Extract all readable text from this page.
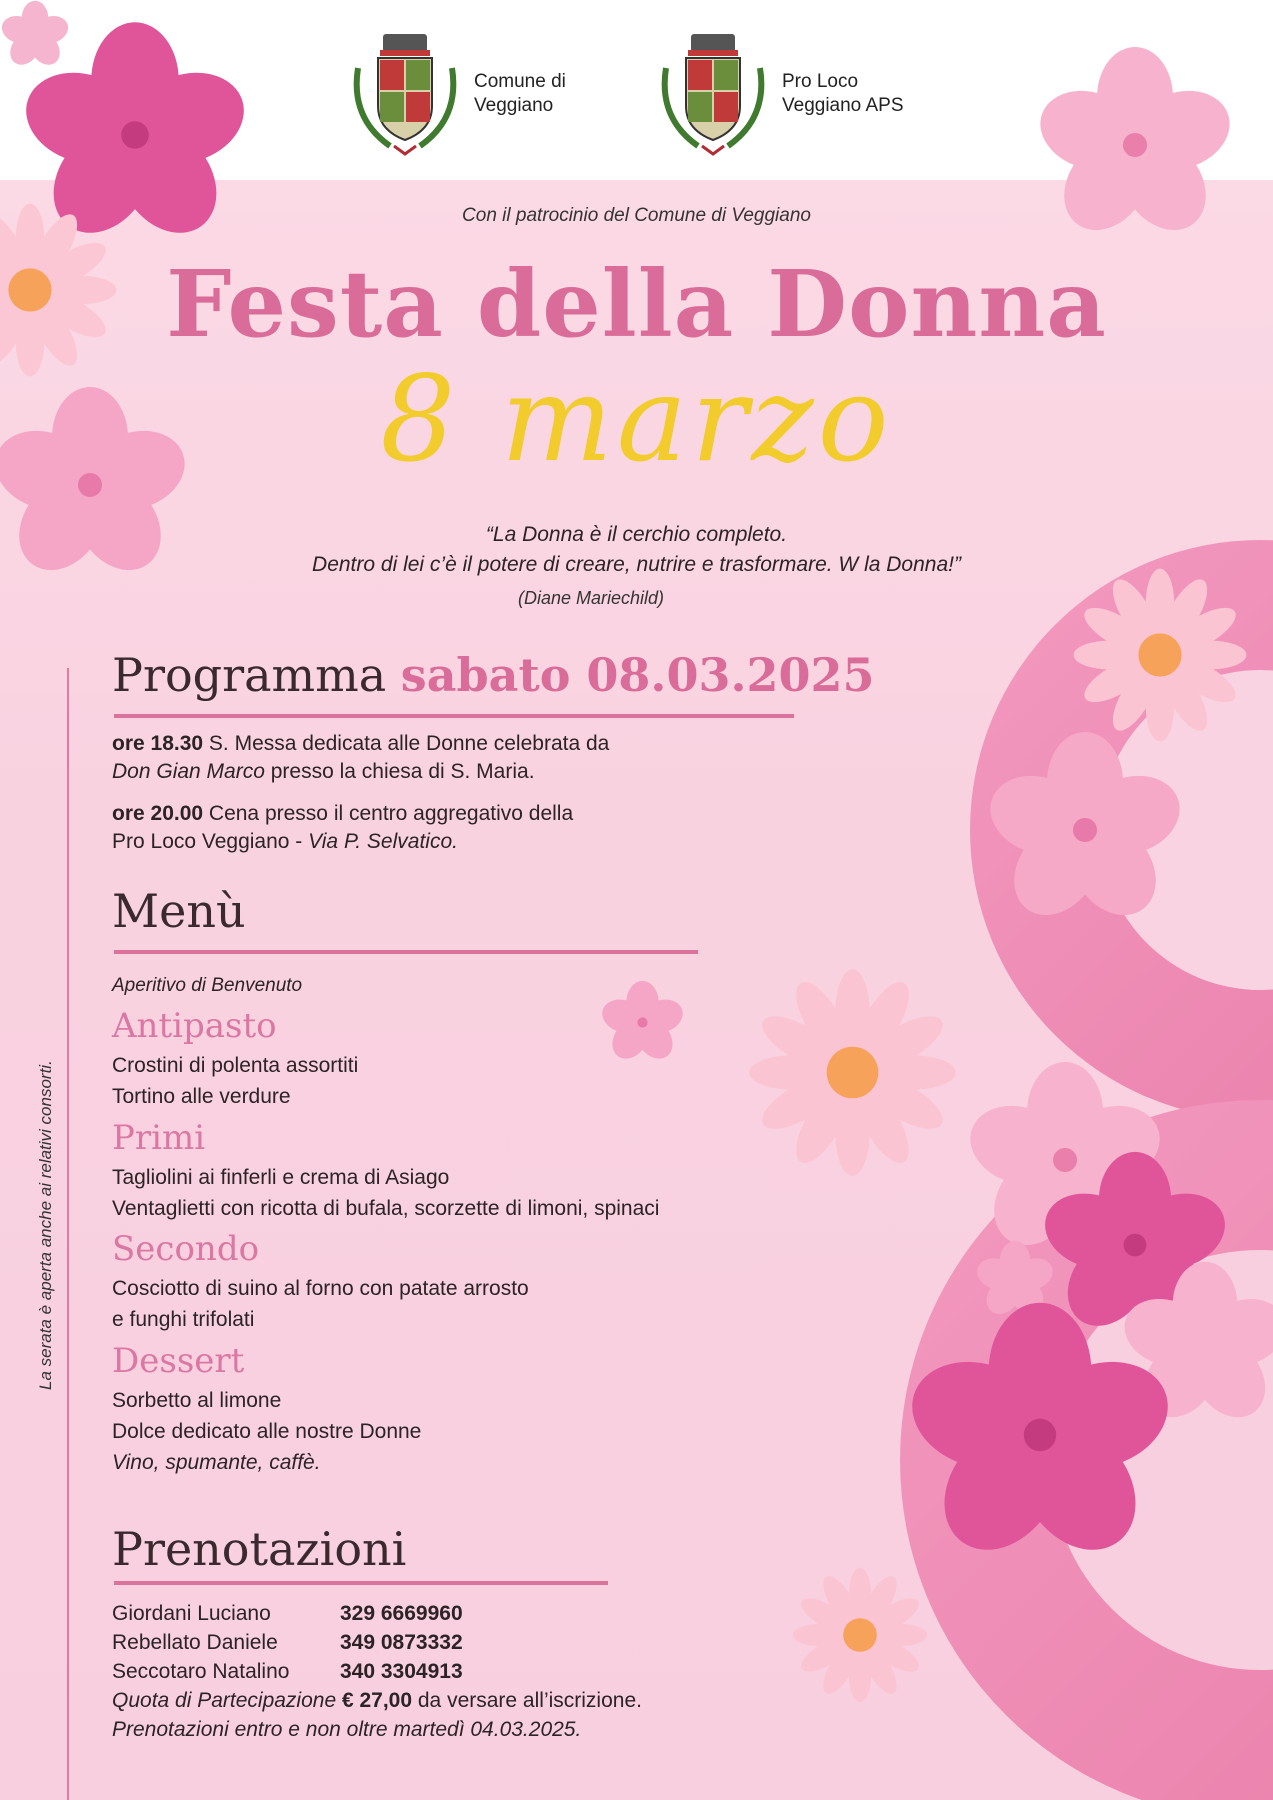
Comune di
Veggiano
Pro Loco
Veggiano APS
Con il patrocinio del Comune di Veggiano
Festa della Donna
8 marzo
“La Donna è il cerchio completo.
Dentro di lei c’è il potere di creare, nutrire e trasformare. W la Donna!”
(Diane Mariechild)
La serata è aperta anche ai relativi consorti.
Programma sabato 08.03.2025
ore 18.30 S. Messa dedicata alle Donne celebrata da
Don Gian Marco presso la chiesa di S. Maria.
ore 20.00 Cena presso il centro aggregativo della
Pro Loco Veggiano - Via P. Selvatico.
Menù
Aperitivo di Benvenuto
Antipasto
Crostini di polenta assortiti
Tortino alle verdure
Primi
Tagliolini ai finferli e crema di Asiago
Ventaglietti con ricotta di bufala, scorzette di limoni, spinaci
Secondo
Cosciotto di suino al forno con patate arrosto
e funghi trifolati
Dessert
Sorbetto al limone
Dolce dedicato alle nostre Donne
Vino, spumante, caffè.
Prenotazioni
Giordani Luciano	329 6669960
Rebellato Daniele	349 0873332
Seccotaro Natalino 340 3304913
Quota di Partecipazione € 27,00 da versare all’iscrizione.
Prenotazioni entro e non oltre martedì 04.03.2025.
